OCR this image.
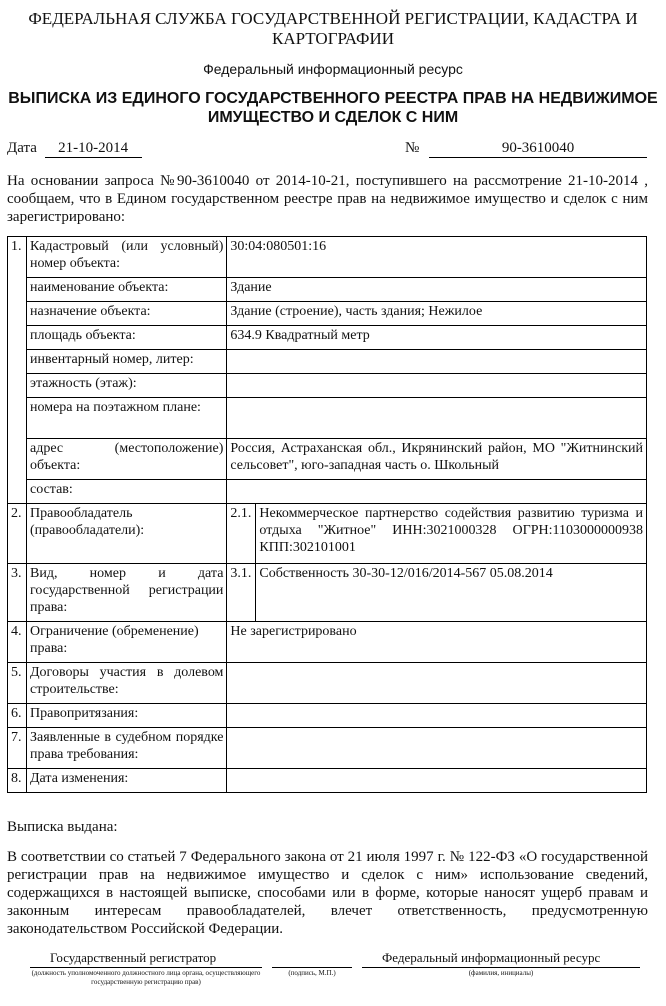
ФЕДЕРАЛЬНАЯ СЛУЖБА ГОСУДАРСТВЕННОЙ РЕГИСТРАЦИИ, КАДАСТРА И КАРТОГРАФИИ
Федеральный информационный ресурс
ВЫПИСКА ИЗ ЕДИНОГО ГОСУДАРСТВЕННОГО РЕЕСТРА ПРАВ НА НЕДВИЖИМОЕ ИМУЩЕСТВО И СДЕЛОК С НИМ
Дата 21-10-2014	№	90-3610040
На основании запроса №90-3610040 от 2014-10-21, поступившего на рассмотрение 21-10-2014 , сообщаем, что в Едином государственном реестре прав на недвижимое имущество и сделок с ним зарегистрировано:
1.	Кадастровый (или условный) номер объекта:	30:04:080501:16	
	наименование объекта:	Здание	
	назначение объекта:	Здание (строение), часть здания; Нежилое	
	площадь объекта:	634.9 Квадратный метр	
	инвентарный номер, литер:		
	этажность (этаж):		
	номера на поэтажном плане:		
	адрес (местоположение) объекта:	Россия, Астраханская обл., Икрянинский район, МО "Житнинский сельсовет", юго-западная часть о. Школьный	
	состав:		
2.	Правообладатель (правообладатели):	2.1.	Некоммерческое партнерство содействия развитию туризма и отдыха "Житное" ИНН:3021000328 ОГРН:1103000000938 КПП:302101001
3.	Вид, номер и дата государственной регистрации права:	3.1.	Собственность 30-30-12/016/2014-567 05.08.2014
4.	Ограничение (обременение) права:	Не зарегистрировано	
5.	Договоры участия в долевом строительстве:		
6.	Правопритязания:		
7.	Заявленные в судебном порядке права требования:		
8.	Дата изменения:		
Выписка выдана:
В соответствии со статьей 7 Федерального закона от 21 июля 1997 г. № 122-ФЗ «О государственной регистрации прав на недвижимое имущество и сделок с ним» использование сведений, содержащихся в настоящей выписке, способами или в форме, которые наносят ущерб правам и законным интересам правообладателей, влечет ответственность, предусмотренную законодательством Российской Федерации.
Государственный регистратор	Федеральный информационный ресурс
(должность уполномоченного должностного лица органа, осуществляющего государственную регистрацию прав)
(подпись, М.П.)	(фамилия, инициалы)
